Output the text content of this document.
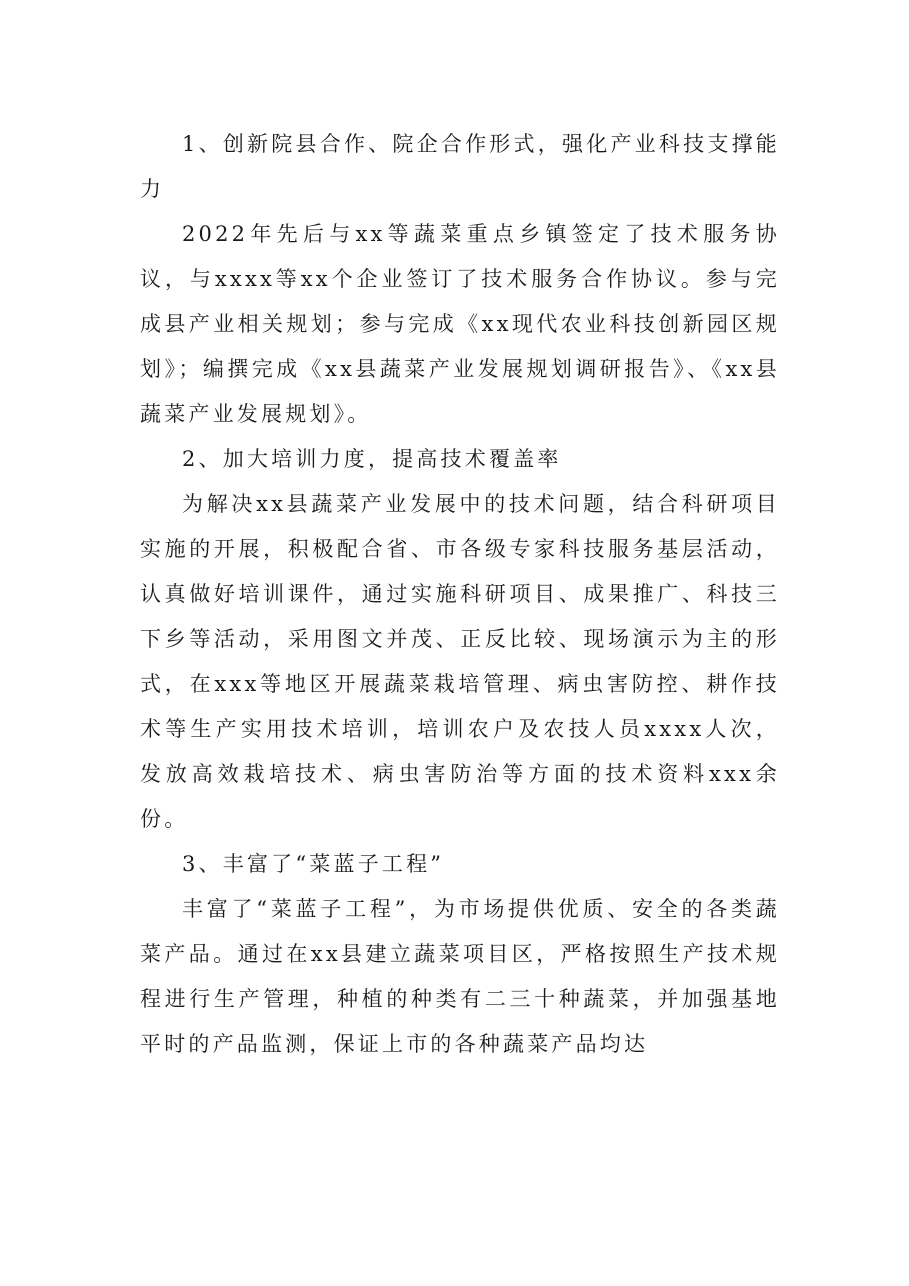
1、创新院县合作、院企合作形式，强化产业科技支撑能力

2022年先后与xx等蔬菜重点乡镇签定了技术服务协议，与xxxx等xx个企业签订了技术服务合作协议。参与完成县产业相关规划；参与完成《xx现代农业科技创新园区规划》；编撰完成《xx县蔬菜产业发展规划调研报告》、《xx县蔬菜产业发展规划》。

2、加大培训力度，提高技术覆盖率

为解决xx县蔬菜产业发展中的技术问题，结合科研项目实施的开展，积极配合省、市各级专家科技服务基层活动，认真做好培训课件，通过实施科研项目、成果推广、科技三下乡等活动，采用图文并茂、正反比较、现场演示为主的形式，在xxx等地区开展蔬菜栽培管理、病虫害防控、耕作技术等生产实用技术培训，培训农户及农技人员xxxx人次，发放高效栽培技术、病虫害防治等方面的技术资料xxx余份。

3、丰富了“菜蓝子工程”

丰富了“菜蓝子工程”，为市场提供优质、安全的各类蔬菜产品。通过在xx县建立蔬菜项目区，严格按照生产技术规程进行生产管理，种植的种类有二三十种蔬菜，并加强基地平时的产品监测，保证上市的各种蔬菜产品均达
